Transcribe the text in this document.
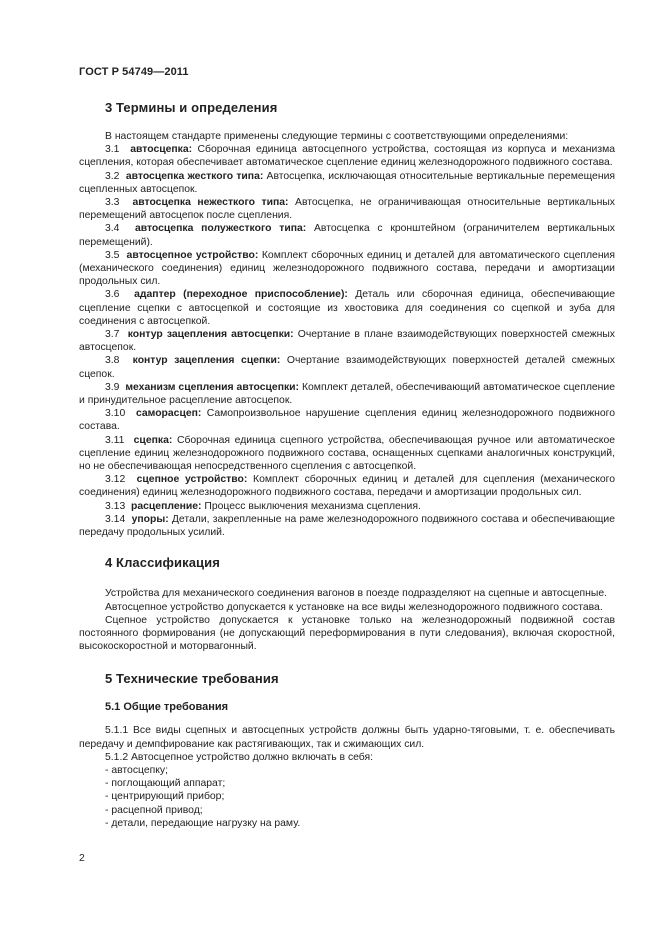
ГОСТ Р 54749—2011
3 Термины и определения

В настоящем стандарте применены следующие термины с соответствующими определениями:

3.1 автосцепка: Сборочная единица автосцепного устройства, состоящая из корпуса и механизма сцепления, которая обеспечивает автоматическое сцепление единиц железнодорожного подвижного состава.

3.2 автосцепка жесткого типа: Автосцепка, исключающая относительные вертикальные перемещения сцепленных автосцепок.

3.3 автосцепка нежесткого типа: Автосцепка, не ограничивающая относительные вертикальных перемещений автосцепок после сцепления.

3.4 автосцепка полужесткого типа: Автосцепка с кронштейном (ограничителем вертикальных перемещений).

3.5 автосцепное устройство: Комплект сборочных единиц и деталей для автоматического сцепления (механического соединения) единиц железнодорожного подвижного состава, передачи и амортизации продольных сил.

3.6 адаптер (переходное приспособление): Деталь или сборочная единица, обеспечивающие сцепление сцепки с автосцепкой и состоящие из хвостовика для соединения со сцепкой и зуба для соединения с автосцепкой.

3.7 контур зацепления автосцепки: Очертание в плане взаимодействующих поверхностей смежных автосцепок.

3.8 контур зацепления сцепки: Очертание взаимодействующих поверхностей деталей смежных сцепок.

3.9 механизм сцепления автосцепки: Комплект деталей, обеспечивающий автоматическое сцепление и принудительное расцепление автосцепок.

3.10 саморасцеп: Самопроизвольное нарушение сцепления единиц железнодорожного подвижного состава.

3.11 сцепка: Сборочная единица сцепного устройства, обеспечивающая ручное или автоматическое сцепление единиц железнодорожного подвижного состава, оснащенных сцепками аналогичных конструкций, но не обеспечивающая непосредственного сцепления с автосцепкой.

3.12 сцепное устройство: Комплект сборочных единиц и деталей для сцепления (механического соединения) единиц железнодорожного подвижного состава, передачи и амортизации продольных сил.

3.13 расцепление: Процесс выключения механизма сцепления.

3.14 упоры: Детали, закрепленные на раме железнодорожного подвижного состава и обеспечивающие передачу продольных усилий.

4 Классификация

Устройства для механического соединения вагонов в поезде подразделяют на сцепные и автосцепные.

Автосцепное устройство допускается к установке на все виды железнодорожного подвижного состава.

Сцепное устройство допускается к установке только на железнодорожный подвижной состав постоянного формирования (не допускающий переформирования в пути следования), включая скоростной, высокоскоростной и моторвагонный.

5 Технические требования
5.1 Общие требования

5.1.1 Все виды сцепных и автосцепных устройств должны быть ударно-тяговыми, т. е. обеспечивать передачу и демпфирование как растягивающих, так и сжимающих сил.

5.1.2 Автосцепное устройство должно включать в себя:

- автосцепку;

- поглощающий аппарат;

- центрирующий прибор;

- расцепной привод;

- детали, передающие нагрузку на раму.

2
